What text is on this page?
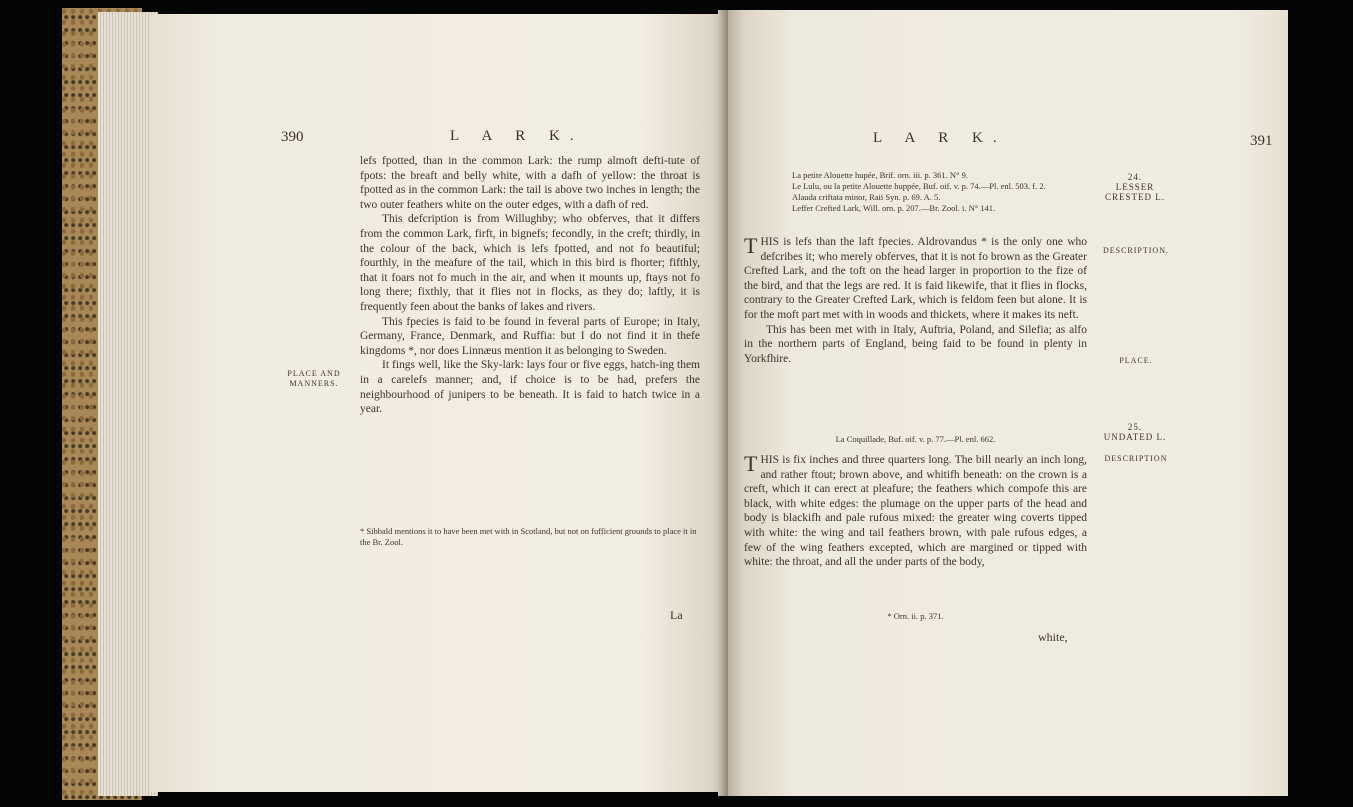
390	L A R K.

lefs fpotted, than in the common Lark: the rump almoft defti-tute of fpots: the breaft and belly white, with a dafh of yellow: the throat is fpotted as in the common Lark: the tail is above two inches in length; the two outer feathers white on the outer edges, with a dafh of red.

This defcription is from Willughby; who obferves, that it differs from the common Lark, firft, in bignefs; fecondly, in the creft; thirdly, in the colour of the back, which is lefs fpotted, and not fo beautiful; fourthly, in the meafure of the tail, which in this bird is fhorter; fifthly, that it foars not fo much in the air, and when it mounts up, ftays not fo long there; fixthly, that it flies not in flocks, as they do; laftly, it is frequently feen about the banks of lakes and rivers.

This fpecies is faid to be found in feveral parts of Europe; in Italy, Germany, France, Denmark, and Ruffia: but I do not find it in thefe kingdoms *, nor does Linnæus mention it as belonging to Sweden.

It fings well, like the Sky-lark: lays four or five eggs, hatch-ing them in a carelefs manner; and, if choice is to be had, prefers the neighbourhood of junipers to be beneath. It is faid to hatch twice in a year.

PLACE AND MANNERS.
* Sibbald mentions it to have been met with in Scotland, but not on fufficient grounds to place it in the Br. Zool.
La
L A R K.	391
La petite Alouette hupée, Brif. orn. iii. p. 361. N° 9.
Le Lulu, ou la petite Alouette huppée, Buf. oif. v. p. 74.—Pl. enl. 503. f. 2.
Alauda criftata minor, Raii Syn. p. 69. A. 5.
Leffer Crefted Lark, Will. orn. p. 207.—Br. Zool. i. N° 141.
24.
LESSER CRESTED L.

THIS is lefs than the laft fpecies. Aldrovandus * is the only one who defcribes it; who merely obferves, that it is not fo brown as the Greater Crefted Lark, and the toft on the head larger in proportion to the fize of the bird, and that the legs are red. It is faid likewife, that it flies in flocks, contrary to the Greater Crefted Lark, which is feldom feen but alone. It is for the moft part met with in woods and thickets, where it makes its neft.

This has been met with in Italy, Auftria, Poland, and Silefia; as alfo in the northern parts of England, being faid to be found in plenty in Yorkfhire.

DESCRIPTION.
PLACE.
La Coquillade, Buf. oif. v. p. 77.—Pl. enl. 662.
25.
UNDATED L.
DESCRIPTION

THIS is fix inches and three quarters long. The bill nearly an inch long, and rather ftout; brown above, and whitifh beneath: on the crown is a creft, which it can erect at pleafure; the feathers which compofe this are black, with white edges: the plumage on the upper parts of the head and body is blackifh and pale rufous mixed: the greater wing coverts tipped with white: the wing and tail feathers brown, with pale rufous edges, a few of the wing feathers excepted, which are margined or tipped with white: the throat, and all the under parts of the body,

* Orn. ii. p. 371.
white,
